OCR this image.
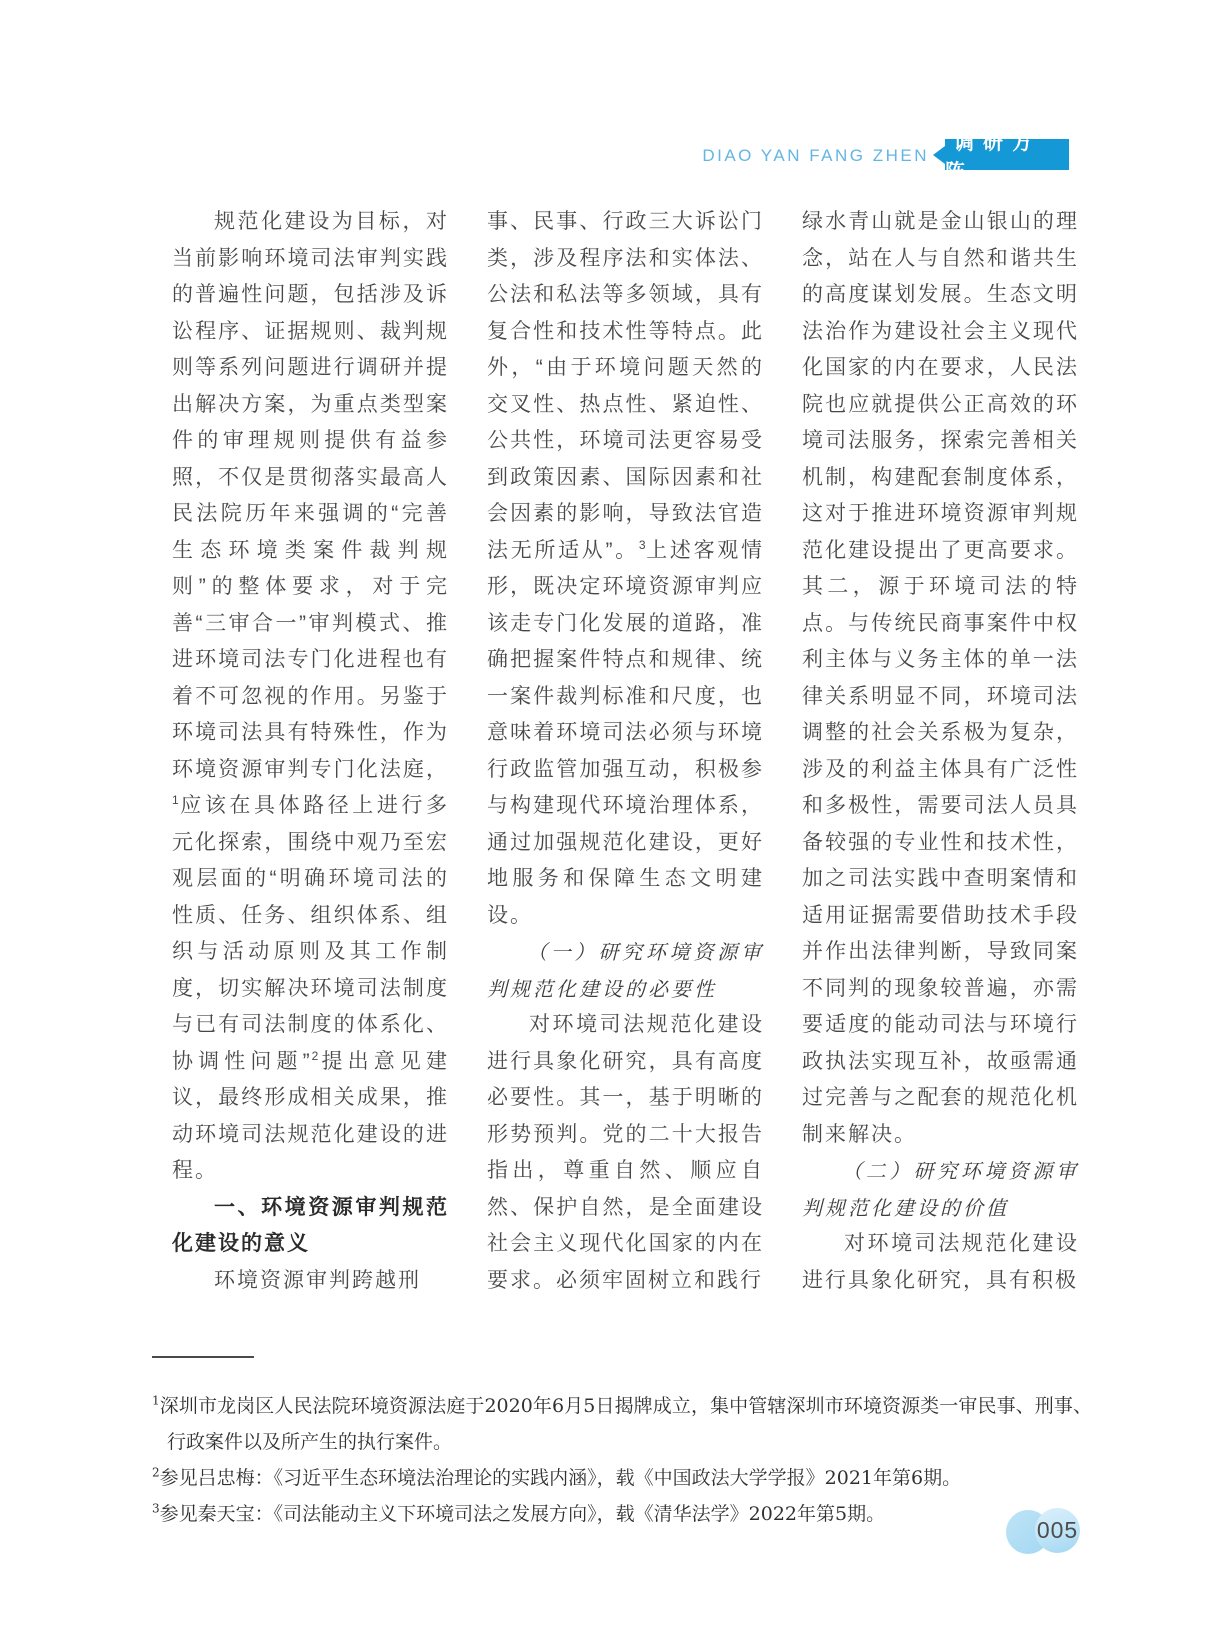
DIAO YAN FANG ZHEN
调研方阵

规范化建设为目标，对当前影响环境司法审判实践的普遍性问题，包括涉及诉讼程序、证据规则、裁判规则等系列问题进行调研并提出解决方案，为重点类型案件的审理规则提供有益参照，不仅是贯彻落实最高人民法院历年来强调的“完善生态环境类案件裁判规则”的整体要求，对于完善“三审合一”审判模式、推进环境司法专门化进程也有着不可忽视的作用。另鉴于环境司法具有特殊性，作为环境资源审判专门化法庭，$^1$应该在具体路径上进行多元化探索，围绕中观乃至宏观层面的“明确环境司法的性质、任务、组织体系、组织与活动原则及其工作制度，切实解决环境司法制度与已有司法制度的体系化、协调性问题”$^2$提出意见建议，最终形成相关成果，推动环境司法规范化建设的进程。

一、环境资源审判规范化建设的意义

环境资源审判跨越刑

事、民事、行政三大诉讼门类，涉及程序法和实体法、公法和私法等多领域，具有复合性和技术性等特点。此外，“由于环境问题天然的交叉性、热点性、紧迫性、公共性，环境司法更容易受到政策因素、国际因素和社会因素的影响，导致法官造法无所适从”。$^3$上述客观情形，既决定环境资源审判应该走专门化发展的道路，准确把握案件特点和规律、统一案件裁判标准和尺度，也意味着环境司法必须与环境行政监管加强互动，积极参与构建现代环境治理体系，通过加强规范化建设，更好地服务和保障生态文明建设。

（一）研究环境资源审判规范化建设的必要性

对环境司法规范化建设进行具象化研究，具有高度必要性。其一，基于明晰的形势预判。党的二十大报告指出，尊重自然、顺应自然、保护自然，是全面建设社会主义现代化国家的内在要求。必须牢固树立和践行

绿水青山就是金山银山的理念，站在人与自然和谐共生的高度谋划发展。生态文明法治作为建设社会主义现代化国家的内在要求，人民法院也应就提供公正高效的环境司法服务，探索完善相关机制，构建配套制度体系，这对于推进环境资源审判规范化建设提出了更高要求。其二，源于环境司法的特点。与传统民商事案件中权利主体与义务主体的单一法律关系明显不同，环境司法调整的社会关系极为复杂，涉及的利益主体具有广泛性和多极性，需要司法人员具备较强的专业性和技术性，加之司法实践中查明案情和适用证据需要借助技术手段并作出法律判断，导致同案不同判的现象较普遍，亦需要适度的能动司法与环境行政执法实现互补，故亟需通过完善与之配套的规范化机制来解决。

（二）研究环境资源审判规范化建设的价值

对环境司法规范化建设进行具象化研究，具有积极

$^1$深圳市龙岗区人民法院环境资源法庭于2020年6月5日揭牌成立，集中管辖深圳市环境资源类一审民事、刑事、行政案件以及所产生的执行案件。
$^2$参见吕忠梅：《习近平生态环境法治理论的实践内涵》，载《中国政法大学学报》2021年第6期。
$^3$参见秦天宝：《司法能动主义下环境司法之发展方向》，载《清华法学》2022年第5期。
005
